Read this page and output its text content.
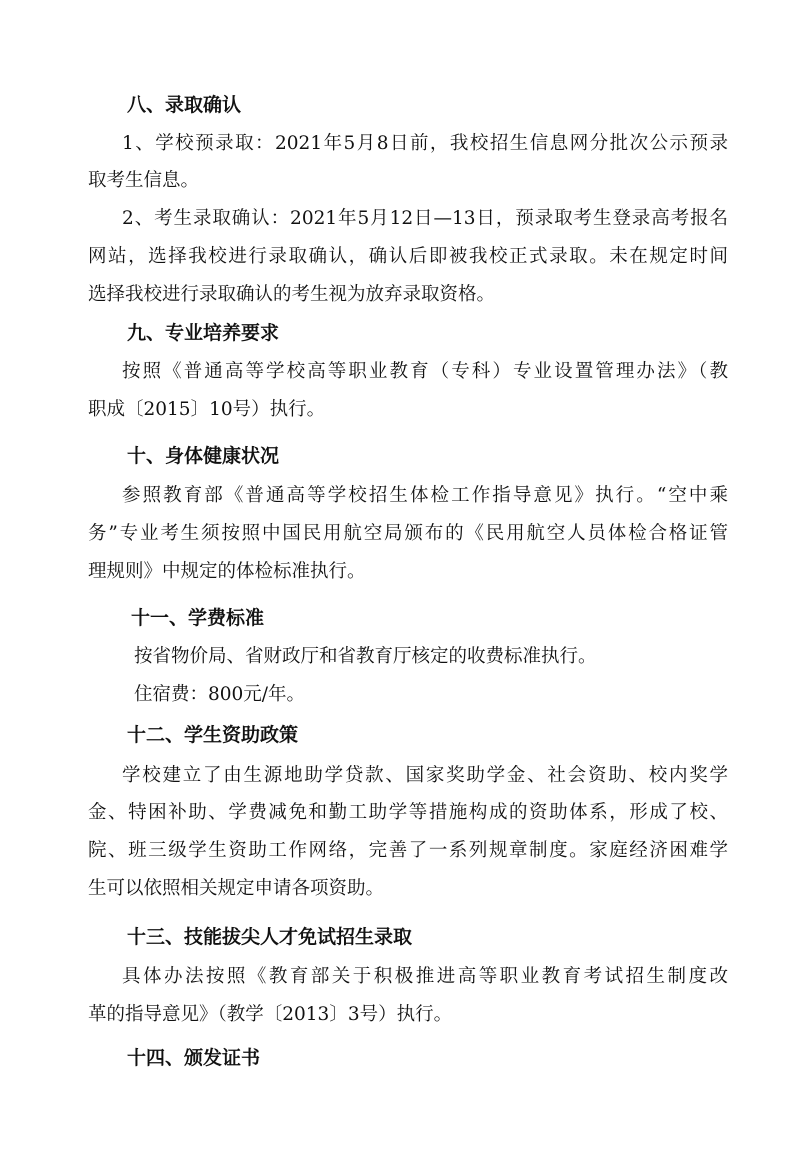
八、录取确认
1、学校预录取：2021年5月8日前，我校招生信息网分批次公示预录
取考生信息。
2、考生录取确认：2021年5月12日—13日，预录取考生登录高考报名
网站，选择我校进行录取确认，确认后即被我校正式录取。未在规定时间
选择我校进行录取确认的考生视为放弃录取资格。
九、专业培养要求
按照《普通高等学校高等职业教育（专科）专业设置管理办法》（教
职成〔2015〕10号）执行。
十、身体健康状况
参照教育部《普通高等学校招生体检工作指导意见》执行。“空中乘
务”专业考生须按照中国民用航空局颁布的《民用航空人员体检合格证管
理规则》中规定的体检标准执行。
十一、学费标准
按省物价局、省财政厅和省教育厅核定的收费标准执行。
住宿费：800元/年。
十二、学生资助政策
学校建立了由生源地助学贷款、国家奖助学金、社会资助、校内奖学
金、特困补助、学费减免和勤工助学等措施构成的资助体系，形成了校、
院、班三级学生资助工作网络，完善了一系列规章制度。家庭经济困难学
生可以依照相关规定申请各项资助。
十三、技能拔尖人才免试招生录取
具体办法按照《教育部关于积极推进高等职业教育考试招生制度改
革的指导意见》（教学〔2013〕3号）执行。
十四、颁发证书
